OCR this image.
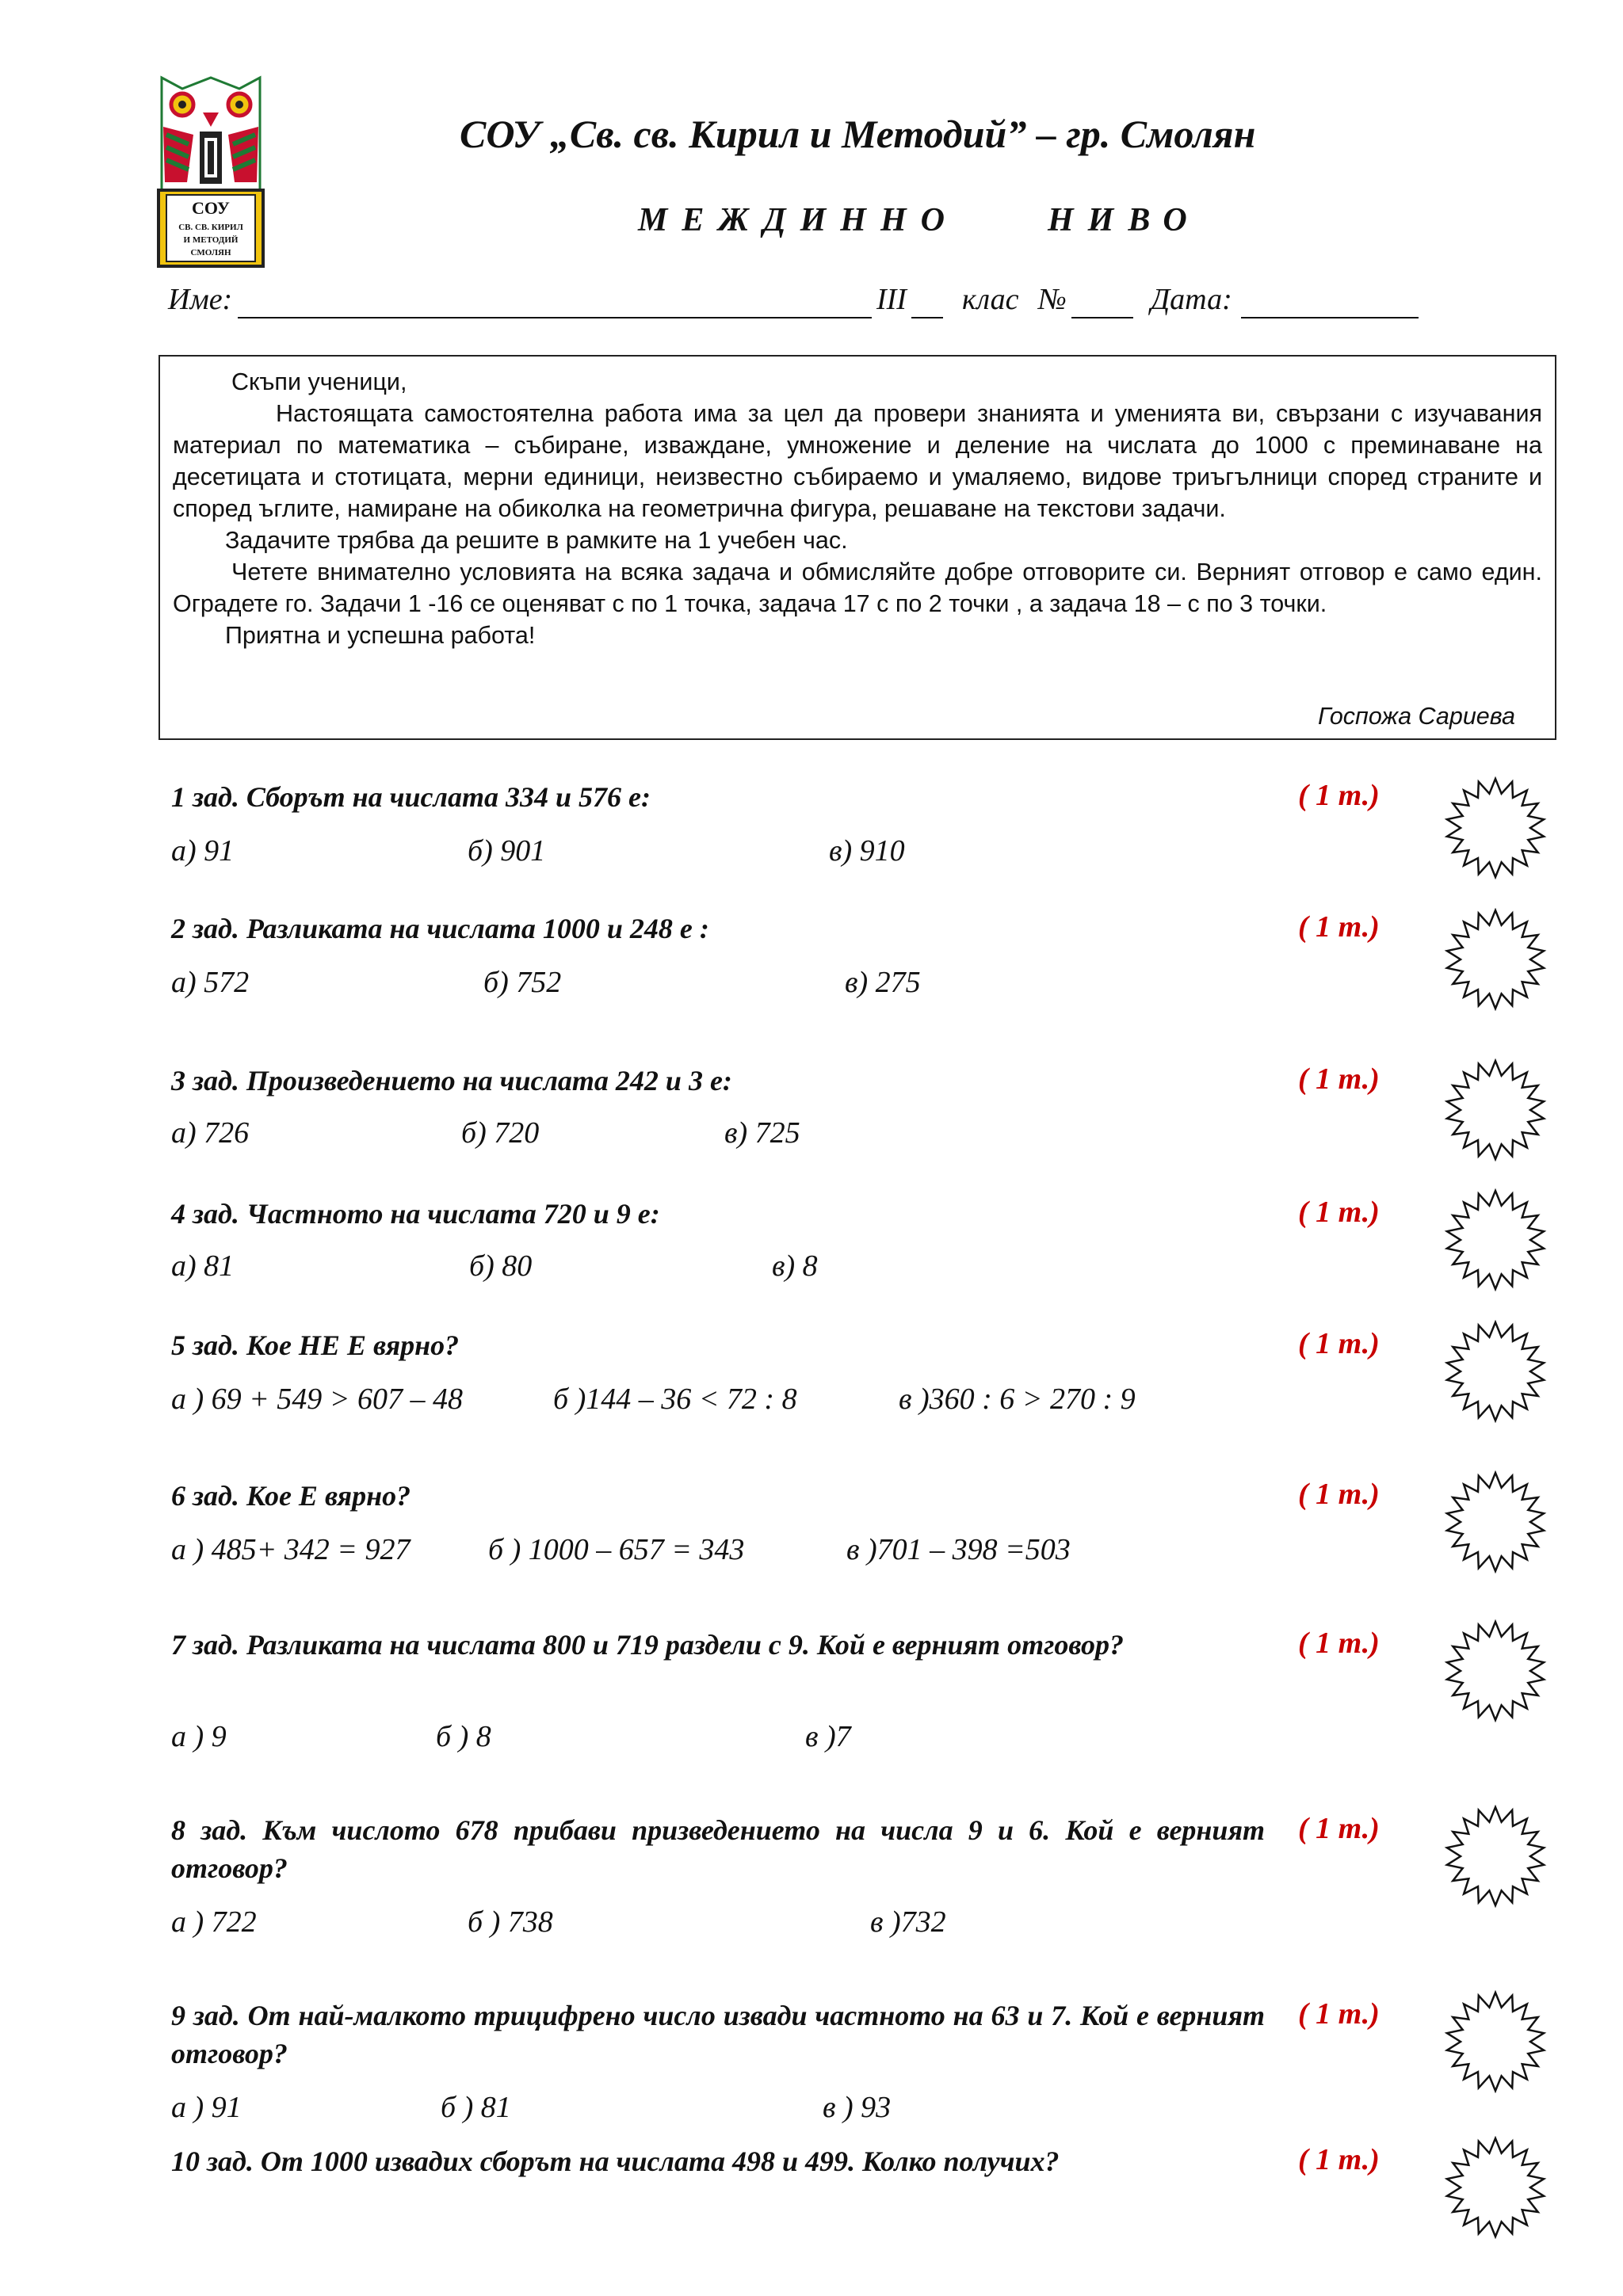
СОУ
СВ. СВ. КИРИЛ
И МЕТОДИЙ
СМОЛЯН
СОУ „Св. св. Кирил и Методий” – гр. Смолян
МЕЖДИННО	НИВО
Име:	III клас №	Дата:

Скъпи ученици,

Настоящата самостоятелна работа има за цел да провери знанията и уменията ви, свързани с изучавания материал по математика – събиране, изваждане, умножение и деление на числата до 1000 с преминаване на десетицата и стотицата, мерни единици, неизвестно събираемо и умаляемо, видове триъгълници според страните и според ъглите, намиране на обиколка на геометрична фигура, решаване на текстови задачи.

Задачите трябва да решите в рамките на 1 учебен час.

Четете внимателно условията на всяка задача и обмисляйте добре отговорите си. Верният отговор е само един. Оградете го. Задачи 1 -16 се оценяват с по 1 точка, задача 17 с по 2 точки , а задача 18 – с по 3 точки.

Приятна и успешна работа!

Госпожа Сариева
1 зад. Сборът на числата 334 и 576 е:	( 1 т.)
а) 91	б) 901	в) 910
2 зад. Разликата на числата 1000 и 248 е :	( 1 т.)
а) 572	б) 752	в) 275
3 зад. Произведението на числата 242 и 3 е:	( 1 т.)
а) 726	б) 720	в) 725
4 зад. Частното на числата 720 и 9 е:	( 1 т.)
а) 81	б) 80	в) 8
5 зад. Кое НЕ Е вярно?	( 1 т.)
а ) 69 + 549 > 607 – 48	б )144 – 36 < 72 : 8	в )360 : 6 > 270 : 9
6 зад. Кое Е вярно?	( 1 т.)
а ) 485+ 342 = 927	б ) 1000 – 657 = 343	в )701 – 398 =503
7 зад. Разликата на числата 800 и 719 раздели с 9. Кой е верният отговор?	( 1 т.)
а ) 9	б ) 8	в )7
8 зад. Към числото 678 прибави призведението на числа 9 и 6. Кой е верният отговор?
( 1 т.)
а ) 722	б ) 738	в )732
9 зад. От най-малкото трицифрено число извади частното на 63 и 7. Кой е верният отговор?
( 1 т.)
а ) 91	б ) 81	в ) 93
10 зад. От 1000 извадих сборът на числата 498 и 499. Колко получих?	( 1 т.)
